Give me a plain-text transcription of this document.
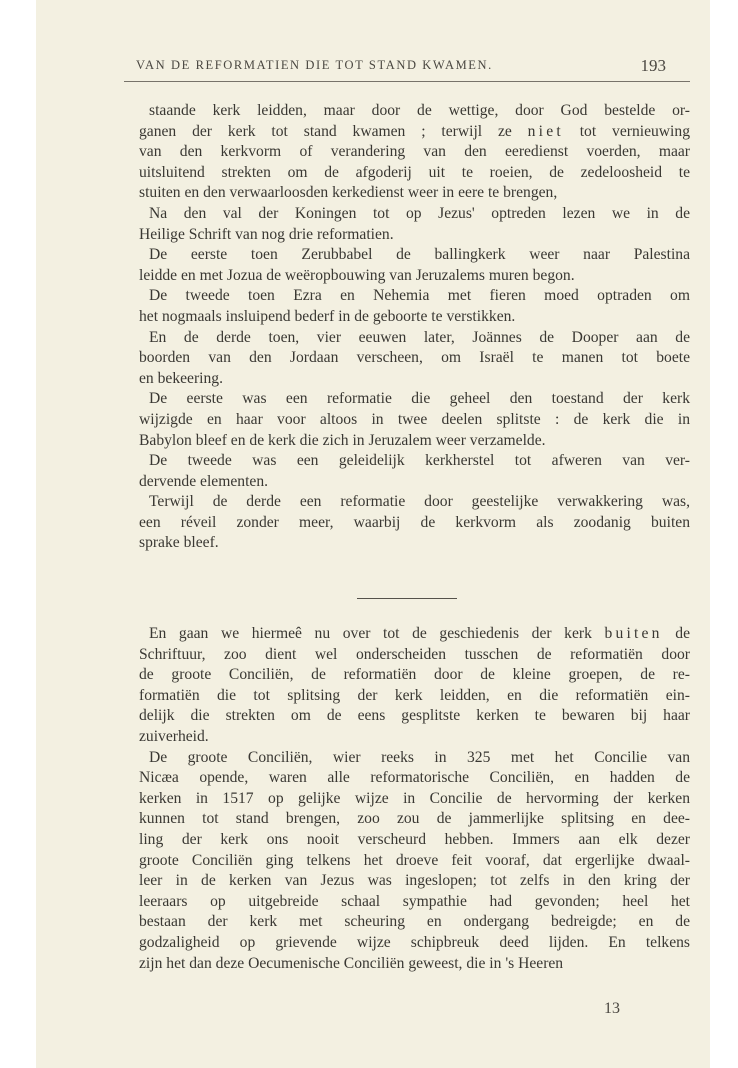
VAN DE REFORMATIEN DIE TOT STAND KWAMEN.	193
staande kerk leidden, maar door de wettige, door God bestelde or-
ganen der kerk tot stand kwamen ; terwijl ze niet tot vernieuwing
van den kerkvorm of verandering van den eeredienst voerden, maar
uitsluitend strekten om de afgoderij uit te roeien, de zedeloosheid te
stuiten en den verwaarloosden kerkedienst weer in eere te brengen,
Na den val der Koningen tot op Jezus' optreden lezen we in de
Heilige Schrift van nog drie reformatien.
De eerste toen Zerubbabel de ballingkerk weer naar Palestina
leidde en met Jozua de weëropbouwing van Jeruzalems muren begon.
De tweede toen Ezra en Nehemia met fieren moed optraden om
het nogmaals insluipend bederf in de geboorte te verstikken.
En de derde toen, vier eeuwen later, Joännes de Dooper aan de
boorden van den Jordaan verscheen, om Israël te manen tot boete
en bekeering.
De eerste was een reformatie die geheel den toestand der kerk
wijzigde en haar voor altoos in twee deelen splitste : de kerk die in
Babylon bleef en de kerk die zich in Jeruzalem weer verzamelde.
De tweede was een geleidelijk kerkherstel tot afweren van ver-
dervende elementen.
Terwijl de derde een reformatie door geestelijke verwakkering was,
een réveil zonder meer, waarbij de kerkvorm als zoodanig buiten
sprake bleef.
En gaan we hiermeê nu over tot de geschiedenis der kerk buiten de
Schriftuur, zoo dient wel onderscheiden tusschen de reformatiën door
de groote Conciliën, de reformatiën door de kleine groepen, de re-
formatiën die tot splitsing der kerk leidden, en die reformatiën ein-
delijk die strekten om de eens gesplitste kerken te bewaren bij haar
zuiverheid.
De groote Conciliën, wier reeks in 325 met het Concilie van
Nicæa opende, waren alle reformatorische Conciliën, en hadden de
kerken in 1517 op gelijke wijze in Concilie de hervorming der kerken
kunnen tot stand brengen, zoo zou de jammerlijke splitsing en dee-
ling der kerk ons nooit verscheurd hebben. Immers aan elk dezer
groote Conciliën ging telkens het droeve feit vooraf, dat ergerlijke dwaal-
leer in de kerken van Jezus was ingeslopen; tot zelfs in den kring der
leeraars op uitgebreide schaal sympathie had gevonden; heel het
bestaan der kerk met scheuring en ondergang bedreigde; en de
godzaligheid op grievende wijze schipbreuk deed lijden. En telkens
zijn het dan deze Oecumenische Conciliën geweest, die in 's Heeren
13
